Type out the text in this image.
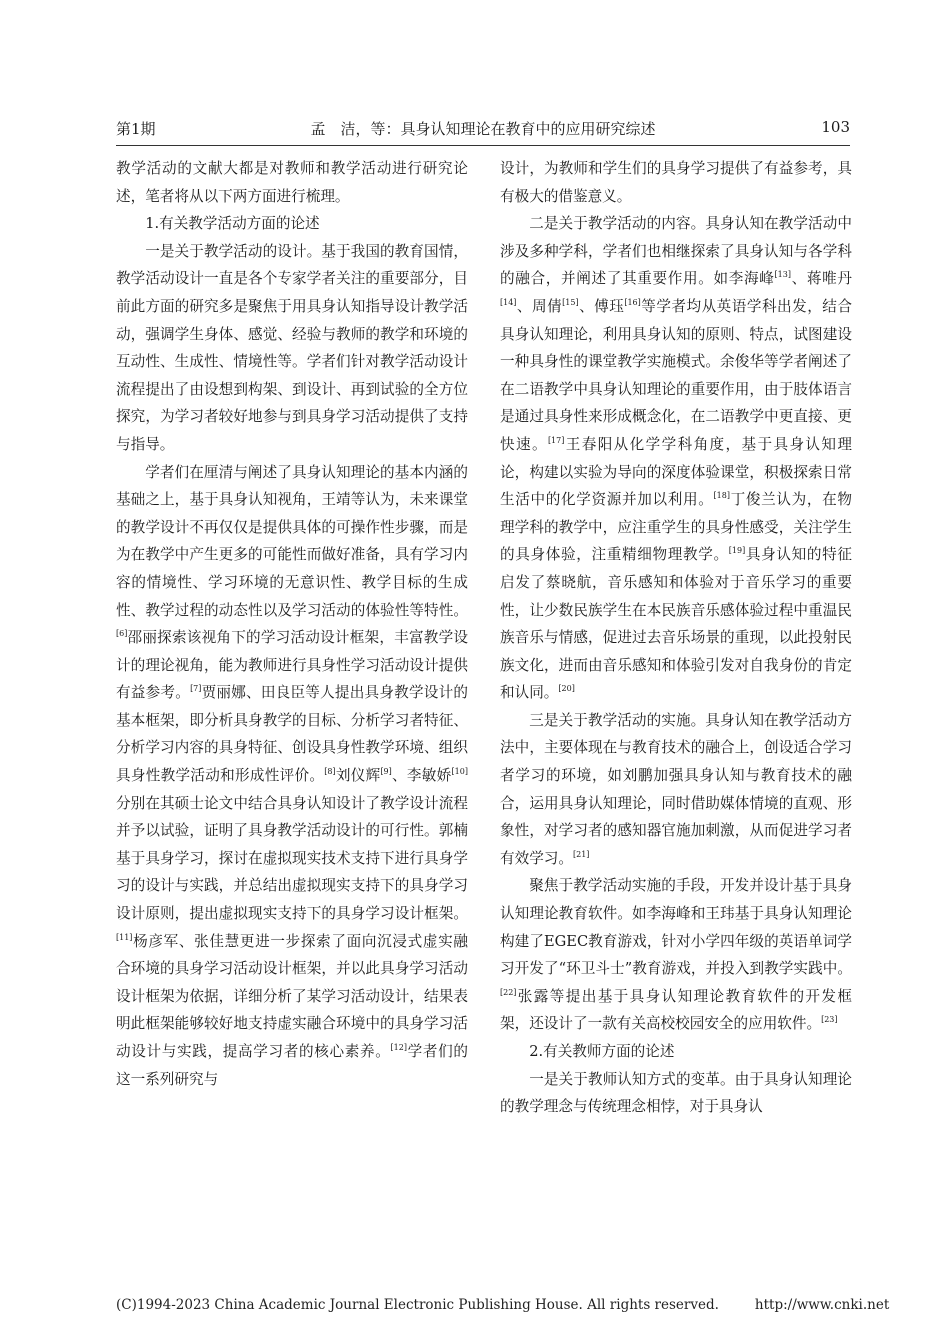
第1期	孟　洁，等：具身认知理论在教育中的应用研究综述	103

教学活动的文献大都是对教师和教学活动进行研究论述，笔者将从以下两方面进行梳理。

1.有关教学活动方面的论述

一是关于教学活动的设计。基于我国的教育国情，教学活动设计一直是各个专家学者关注的重要部分，目前此方面的研究多是聚焦于用具身认知指导设计教学活动，强调学生身体、感觉、经验与教师的教学和环境的互动性、生成性、情境性等。学者们针对教学活动设计流程提出了由设想到构架、到设计、再到试验的全方位探究，为学习者较好地参与到具身学习活动提供了支持与指导。

学者们在厘清与阐述了具身认知理论的基本内涵的基础之上，基于具身认知视角，王靖等认为，未来课堂的教学设计不再仅仅是提供具体的可操作性步骤，而是为在教学中产生更多的可能性而做好准备，具有学习内容的情境性、学习环境的无意识性、教学目标的生成性、教学过程的动态性以及学习活动的体验性等特性。[6]邵丽探索该视角下的学习活动设计框架，丰富教学设计的理论视角，能为教师进行具身性学习活动设计提供有益参考。[7]贾丽娜、田良臣等人提出具身教学设计的基本框架，即分析具身教学的目标、分析学习者特征、分析学习内容的具身特征、创设具身性教学环境、组织具身性教学活动和形成性评价。[8]刘仪辉[9]、李敏娇[10]分别在其硕士论文中结合具身认知设计了教学设计流程并予以试验，证明了具身教学活动设计的可行性。郭楠基于具身学习，探讨在虚拟现实技术支持下进行具身学习的设计与实践，并总结出虚拟现实支持下的具身学习设计原则，提出虚拟现实支持下的具身学习设计框架。[11]杨彦军、张佳慧更进一步探索了面向沉浸式虚实融合环境的具身学习活动设计框架，并以此具身学习活动设计框架为依据，详细分析了某学习活动设计，结果表明此框架能够较好地支持虚实融合环境中的具身学习活动设计与实践，提高学习者的核心素养。[12]学者们的这一系列研究与

设计，为教师和学生们的具身学习提供了有益参考，具有极大的借鉴意义。

二是关于教学活动的内容。具身认知在教学活动中涉及多种学科，学者们也相继探索了具身认知与各学科的融合，并阐述了其重要作用。如李海峰[13]、蒋唯丹[14]、周倩[15]、傅珏[16]等学者均从英语学科出发，结合具身认知理论，利用具身认知的原则、特点，试图建设一种具身性的课堂教学实施模式。余俊华等学者阐述了在二语教学中具身认知理论的重要作用，由于肢体语言是通过具身性来形成概念化，在二语教学中更直接、更快速。[17]王春阳从化学学科角度，基于具身认知理论，构建以实验为导向的深度体验课堂，积极探索日常生活中的化学资源并加以利用。[18]丁俊兰认为，在物理学科的教学中，应注重学生的具身性感受，关注学生的具身体验，注重精细物理教学。[19]具身认知的特征启发了蔡晓航，音乐感知和体验对于音乐学习的重要性，让少数民族学生在本民族音乐感体验过程中重温民族音乐与情感，促进过去音乐场景的重现，以此投射民族文化，进而由音乐感知和体验引发对自我身份的肯定和认同。[20]

三是关于教学活动的实施。具身认知在教学活动方法中，主要体现在与教育技术的融合上，创设适合学习者学习的环境，如刘鹏加强具身认知与教育技术的融合，运用具身认知理论，同时借助媒体情境的直观、形象性，对学习者的感知器官施加刺激，从而促进学习者有效学习。[21]

聚焦于教学活动实施的手段，开发并设计基于具身认知理论教育软件。如李海峰和王玮基于具身认知理论构建了EGEC教育游戏，针对小学四年级的英语单词学习开发了“环卫斗士”教育游戏，并投入到教学实践中。[22]张露等提出基于具身认知理论教育软件的开发框架，还设计了一款有关高校校园安全的应用软件。[23]

2.有关教师方面的论述

一是关于教师认知方式的变革。由于具身认知理论的教学理念与传统理念相悖，对于具身认

(C)1994-2023 China Academic Journal Electronic Publishing House. All rights reserved.	http://www.cnki.net
